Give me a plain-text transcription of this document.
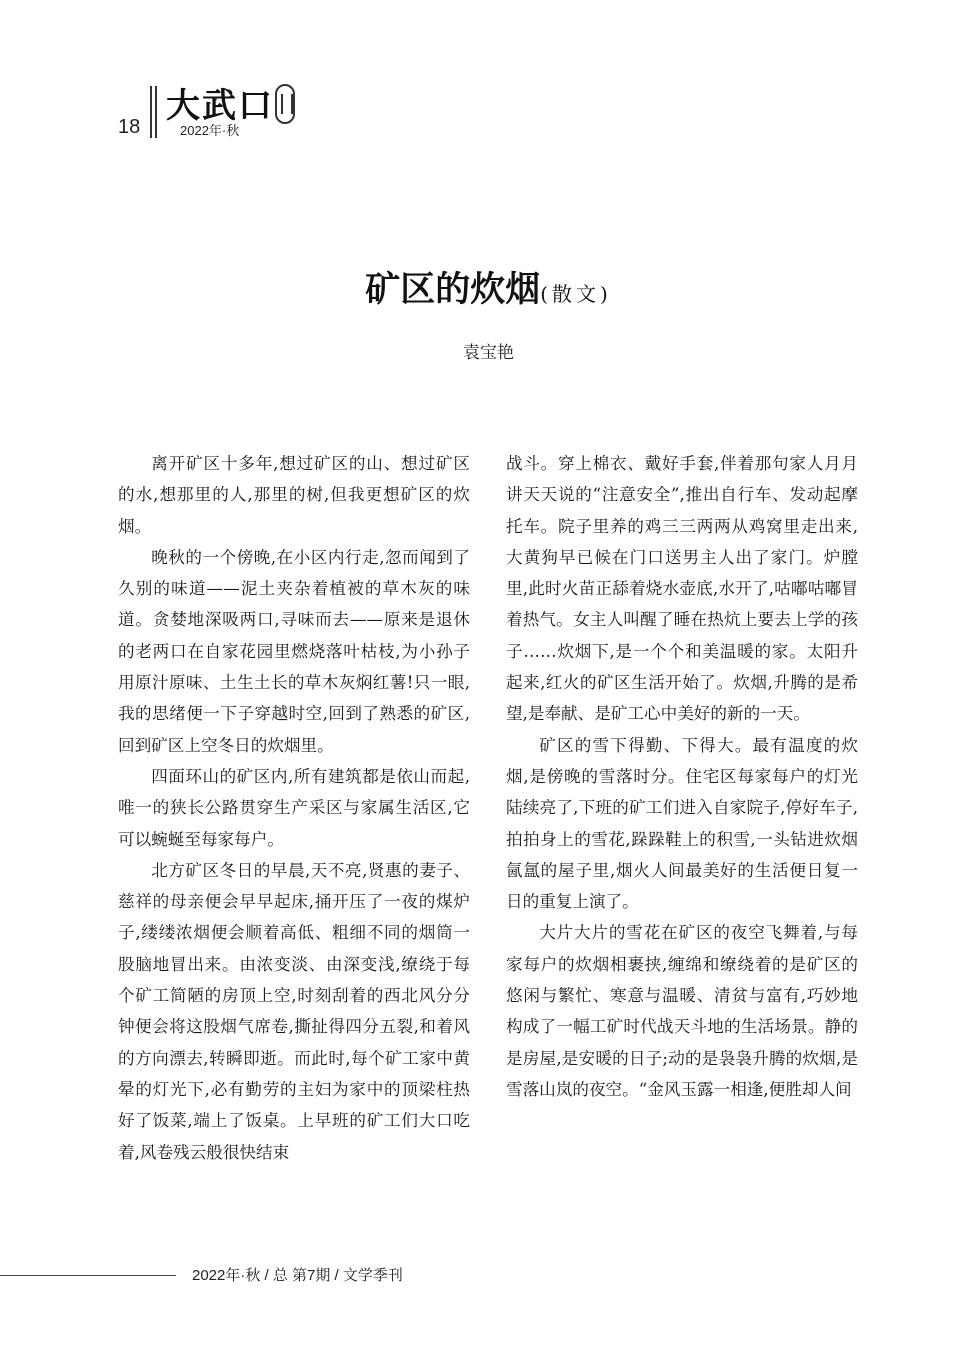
18
大武口
2022年·秋
矿区的炊烟(散文)
袁宝艳

离开矿区十多年,想过矿区的山、想过矿区的水,想那里的人,那里的树,但我更想矿区的炊烟。

晚秋的一个傍晚,在小区内行走,忽而闻到了久别的味道——泥土夹杂着植被的草木灰的味道。贪婪地深吸两口,寻味而去——原来是退休的老两口在自家花园里燃烧落叶枯枝,为小孙子用原汁原味、土生土长的草木灰焖红薯!只一眼,我的思绪便一下子穿越时空,回到了熟悉的矿区,回到矿区上空冬日的炊烟里。

四面环山的矿区内,所有建筑都是依山而起,唯一的狭长公路贯穿生产采区与家属生活区,它可以蜿蜒至每家每户。

北方矿区冬日的早晨,天不亮,贤惠的妻子、慈祥的母亲便会早早起床,捅开压了一夜的煤炉子,缕缕浓烟便会顺着高低、粗细不同的烟筒一股脑地冒出来。由浓变淡、由深变浅,缭绕于每个矿工简陋的房顶上空,时刻刮着的西北风分分钟便会将这股烟气席卷,撕扯得四分五裂,和着风的方向漂去,转瞬即逝。而此时,每个矿工家中黄晕的灯光下,必有勤劳的主妇为家中的顶梁柱热好了饭菜,端上了饭桌。上早班的矿工们大口吃着,风卷残云般很快结束

战斗。穿上棉衣、戴好手套,伴着那句家人月月讲天天说的“注意安全”,推出自行车、发动起摩托车。院子里养的鸡三三两两从鸡窝里走出来,大黄狗早已候在门口送男主人出了家门。炉膛里,此时火苗正舔着烧水壶底,水开了,咕嘟咕嘟冒着热气。女主人叫醒了睡在热炕上要去上学的孩子……炊烟下,是一个个和美温暖的家。太阳升起来,红火的矿区生活开始了。炊烟,升腾的是希望,是奉献、是矿工心中美好的新的一天。

矿区的雪下得勤、下得大。最有温度的炊烟,是傍晚的雪落时分。住宅区每家每户的灯光陆续亮了,下班的矿工们进入自家院子,停好车子,拍拍身上的雪花,跺跺鞋上的积雪,一头钻进炊烟氤氲的屋子里,烟火人间最美好的生活便日复一日的重复上演了。

大片大片的雪花在矿区的夜空飞舞着,与每家每户的炊烟相裹挟,缠绵和缭绕着的是矿区的悠闲与繁忙、寒意与温暖、清贫与富有,巧妙地构成了一幅工矿时代战天斗地的生活场景。静的是房屋,是安暖的日子;动的是袅袅升腾的炊烟,是雪落山岚的夜空。“金风玉露一相逢,便胜却人间

2022年·秋 / 总 第7期 / 文学季刊
